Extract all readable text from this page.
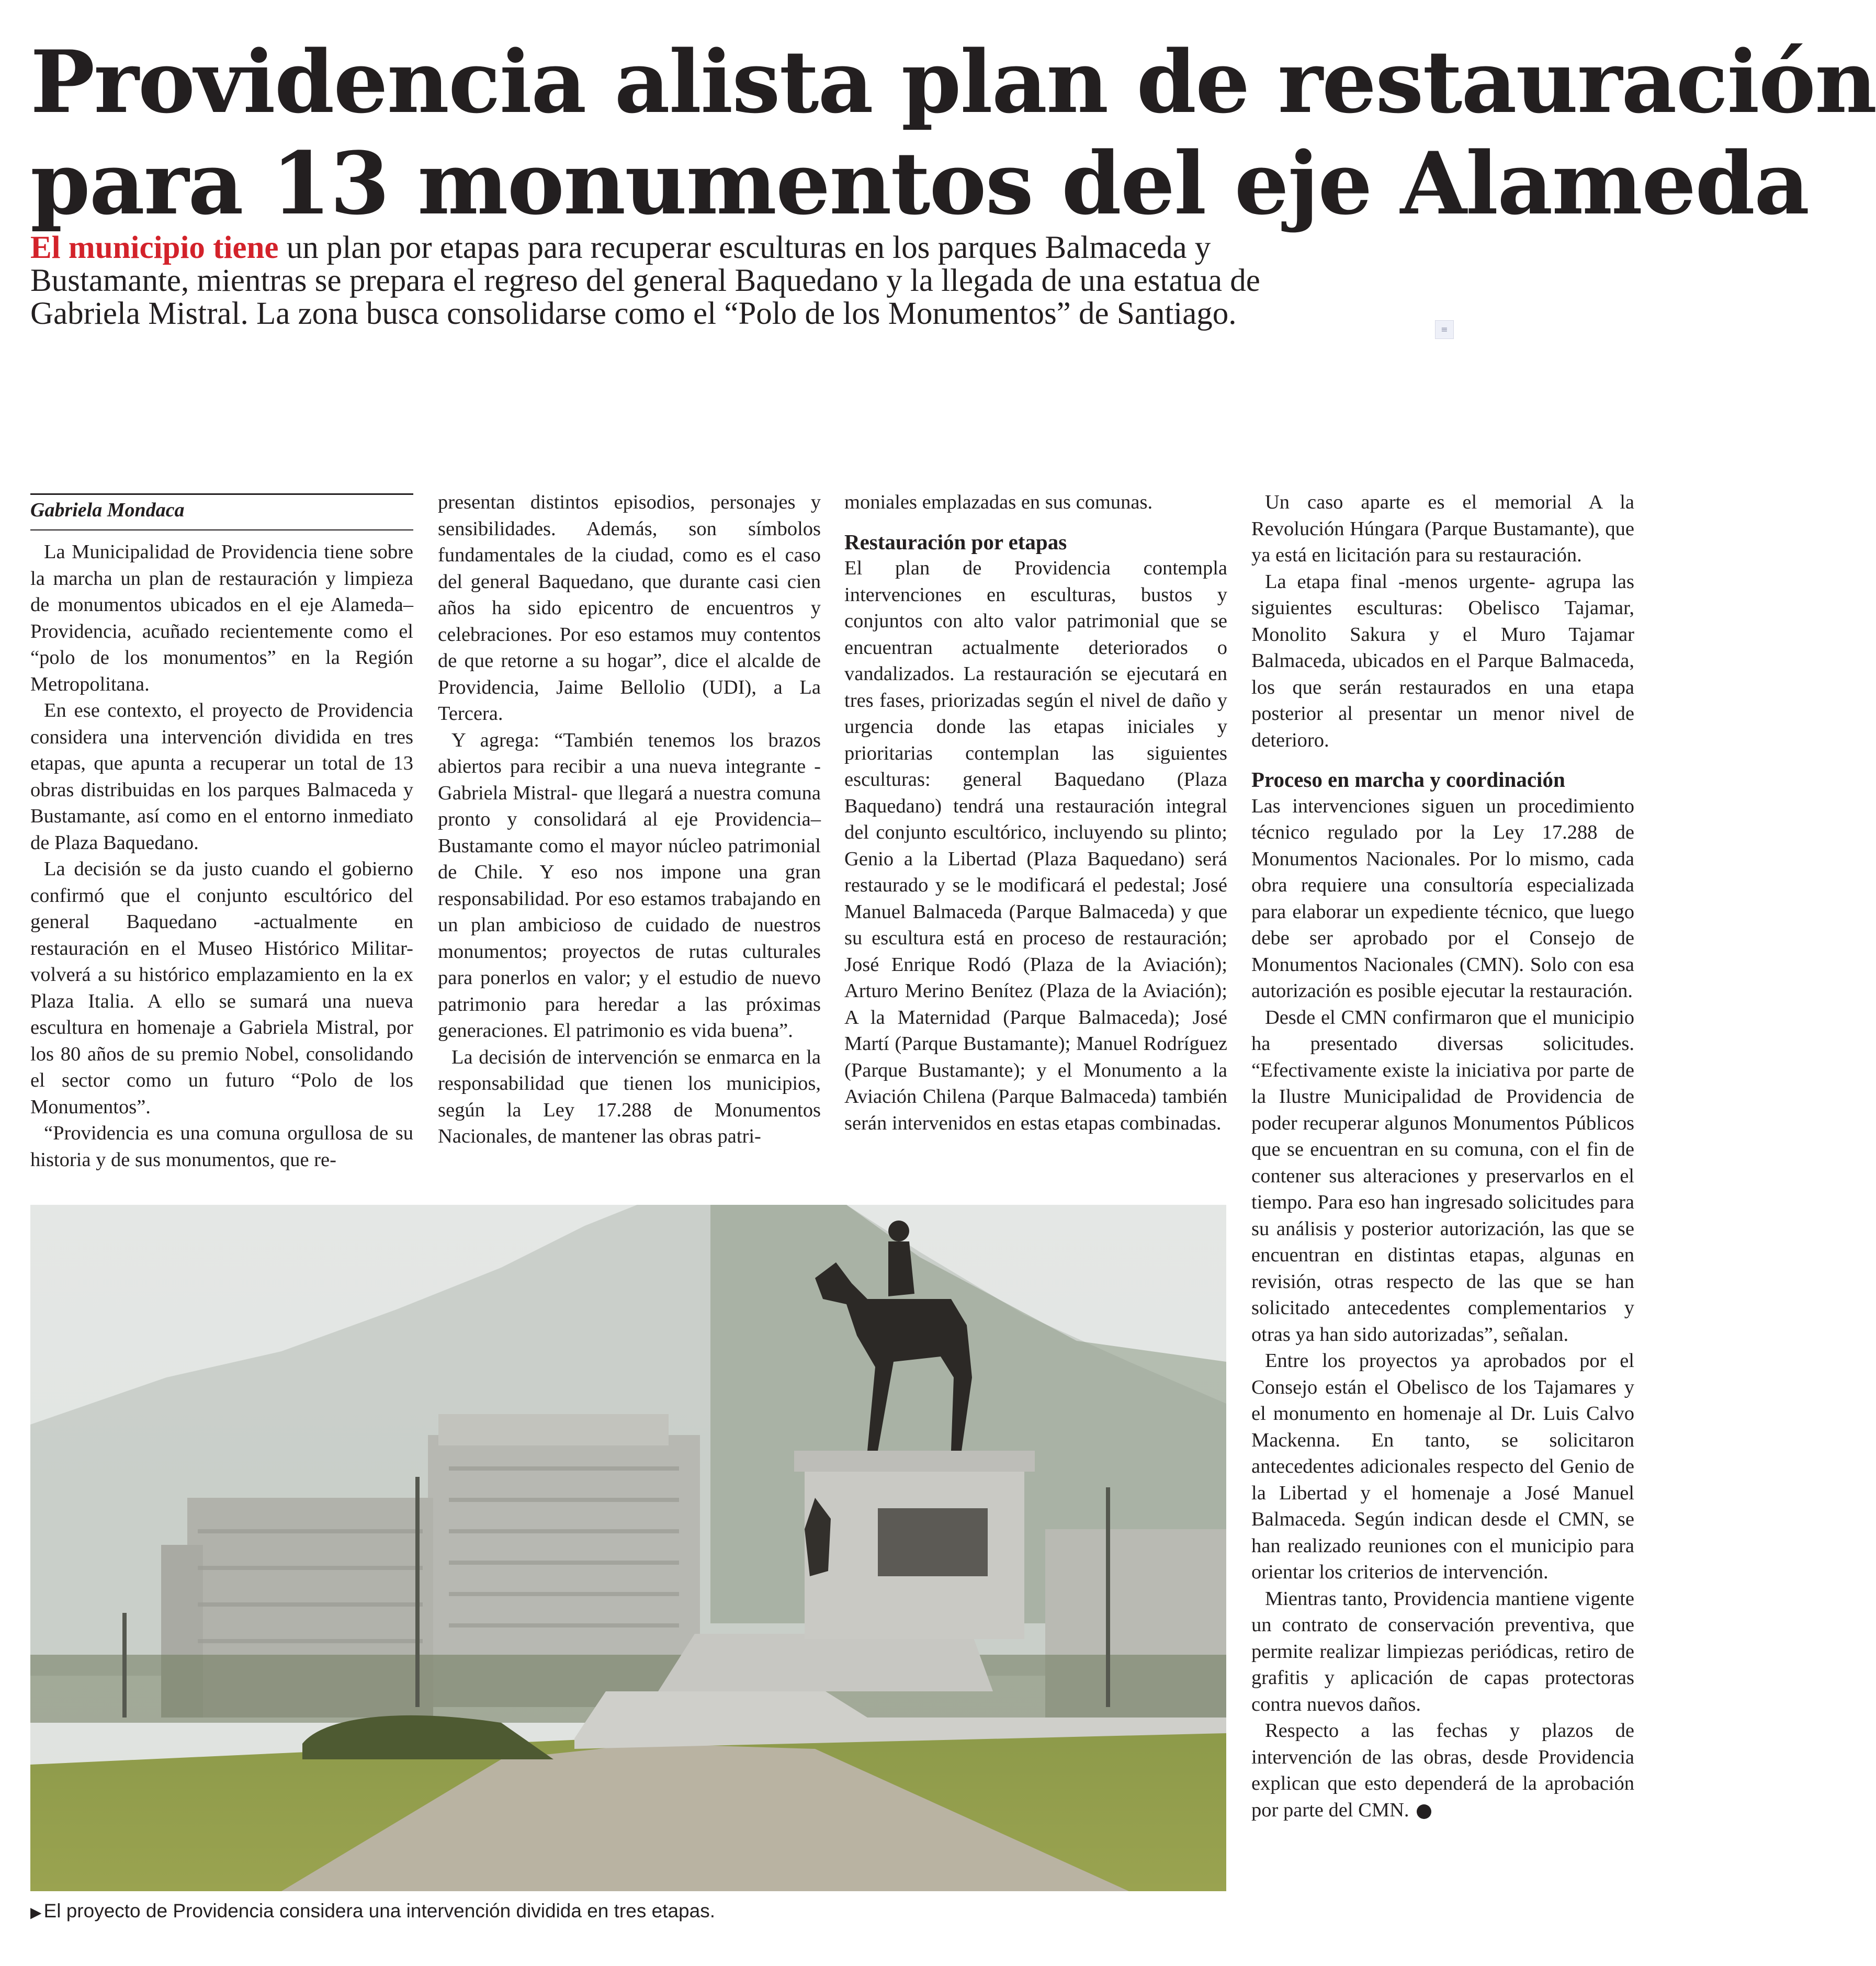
Providencia alista plan de restauración
para 13 monumentos del eje Alameda

El municipio tiene un plan por etapas para recuperar esculturas en los parques Balmaceda y Bustamante, mientras se prepara el regreso del general Baquedano y la llegada de una estatua de Gabriela Mistral. La zona busca consolidarse como el “Polo de los Monumentos” de Santiago.	≡
Gabriela Mondaca

La Municipalidad de Providencia tiene sobre la marcha un plan de restauración y limpieza de monumentos ubicados en el eje Alameda–Providencia, acuñado recientemente como el “polo de los monumentos” en la Región Metropolitana.

En ese contexto, el proyecto de Providencia considera una intervención dividida en tres etapas, que apunta a recuperar un total de 13 obras distribuidas en los parques Balmaceda y Bustamante, así como en el entorno inmediato de Plaza Baquedano.

La decisión se da justo cuando el gobierno confirmó que el conjunto escultórico del general Baquedano -actualmente en restauración en el Museo Histórico Militar- volverá a su histórico emplazamiento en la ex Plaza Italia. A ello se sumará una nueva escultura en homenaje a Gabriela Mistral, por los 80 años de su premio Nobel, consolidando el sector como un futuro “Polo de los Monumentos”.

“Providencia es una comuna orgullosa de su historia y de sus monumentos, que re-

presentan distintos episodios, personajes y sensibilidades. Además, son símbolos fundamentales de la ciudad, como es el caso del general Baquedano, que durante casi cien años ha sido epicentro de encuentros y celebraciones. Por eso estamos muy contentos de que retorne a su hogar”, dice el alcalde de Providencia, Jaime Bellolio (UDI), a La Tercera.

Y agrega: “También tenemos los brazos abiertos para recibir a una nueva integrante -Gabriela Mistral- que llegará a nuestra comuna pronto y consolidará al eje Providencia–Bustamante como el mayor núcleo patrimonial de Chile. Y eso nos impone una gran responsabilidad. Por eso estamos trabajando en un plan ambicioso de cuidado de nuestros monumentos; proyectos de rutas culturales para ponerlos en valor; y el estudio de nuevo patrimonio para heredar a las próximas generaciones. El patrimonio es vida buena”.

La decisión de intervención se enmarca en la responsabilidad que tienen los municipios, según la Ley 17.288 de Monumentos Nacionales, de mantener las obras patri-

moniales emplazadas en sus comunas.

Restauración por etapas

El plan de Providencia contempla intervenciones en esculturas, bustos y conjuntos con alto valor patrimonial que se encuentran actualmente deteriorados o vandalizados. La restauración se ejecutará en tres fases, priorizadas según el nivel de daño y urgencia donde las etapas iniciales y prioritarias contemplan las siguientes esculturas: general Baquedano (Plaza Baquedano) tendrá una restauración integral del conjunto escultórico, incluyendo su plinto; Genio a la Libertad (Plaza Baquedano) será restaurado y se le modificará el pedestal; José Manuel Balmaceda (Parque Balmaceda) y que su escultura está en proceso de restauración; José Enrique Rodó (Plaza de la Aviación); Arturo Merino Benítez (Plaza de la Aviación); A la Maternidad (Parque Balmaceda); José Martí (Parque Bustamante); Manuel Rodríguez (Parque Bustamante); y el Monumento a la Aviación Chilena (Parque Balmaceda) también serán intervenidos en estas etapas combinadas.

Un caso aparte es el memorial A la Revolución Húngara (Parque Bustamante), que ya está en licitación para su restauración.

La etapa final -menos urgente- agrupa las siguientes esculturas: Obelisco Tajamar, Monolito Sakura y el Muro Tajamar Balmaceda, ubicados en el Parque Balmaceda, los que serán restaurados en una etapa posterior al presentar un menor nivel de deterioro.

Proceso en marcha y coordinación

Las intervenciones siguen un procedimiento técnico regulado por la Ley 17.288 de Monumentos Nacionales. Por lo mismo, cada obra requiere una consultoría especializada para elaborar un expediente técnico, que luego debe ser aprobado por el Consejo de Monumentos Nacionales (CMN). Solo con esa autorización es posible ejecutar la restauración.

Desde el CMN confirmaron que el municipio ha presentado diversas solicitudes. “Efectivamente existe la iniciativa por parte de la Ilustre Municipalidad de Providencia de poder recuperar algunos Monumentos Públicos que se encuentran en su comuna, con el fin de contener sus alteraciones y preservarlos en el tiempo. Para eso han ingresado solicitudes para su análisis y posterior autorización, las que se encuentran en distintas etapas, algunas en revisión, otras respecto de las que se han solicitado antecedentes complementarios y otras ya han sido autorizadas”, señalan.

Entre los proyectos ya aprobados por el Consejo están el Obelisco de los Tajamares y el monumento en homenaje al Dr. Luis Calvo Mackenna. En tanto, se solicitaron antecedentes adicionales respecto del Genio de la Libertad y el homenaje a José Manuel Balmaceda. Según indican desde el CMN, se han realizado reuniones con el municipio para orientar los criterios de intervención.

Mientras tanto, Providencia mantiene vigente un contrato de conservación preventiva, que permite realizar limpiezas periódicas, retiro de grafitis y aplicación de capas protectoras contra nuevos daños.

Respecto a las fechas y plazos de intervención de las obras, desde Providencia explican que esto dependerá de la aprobación por parte del CMN.

▶ El proyecto de Providencia considera una intervención dividida en tres etapas.
